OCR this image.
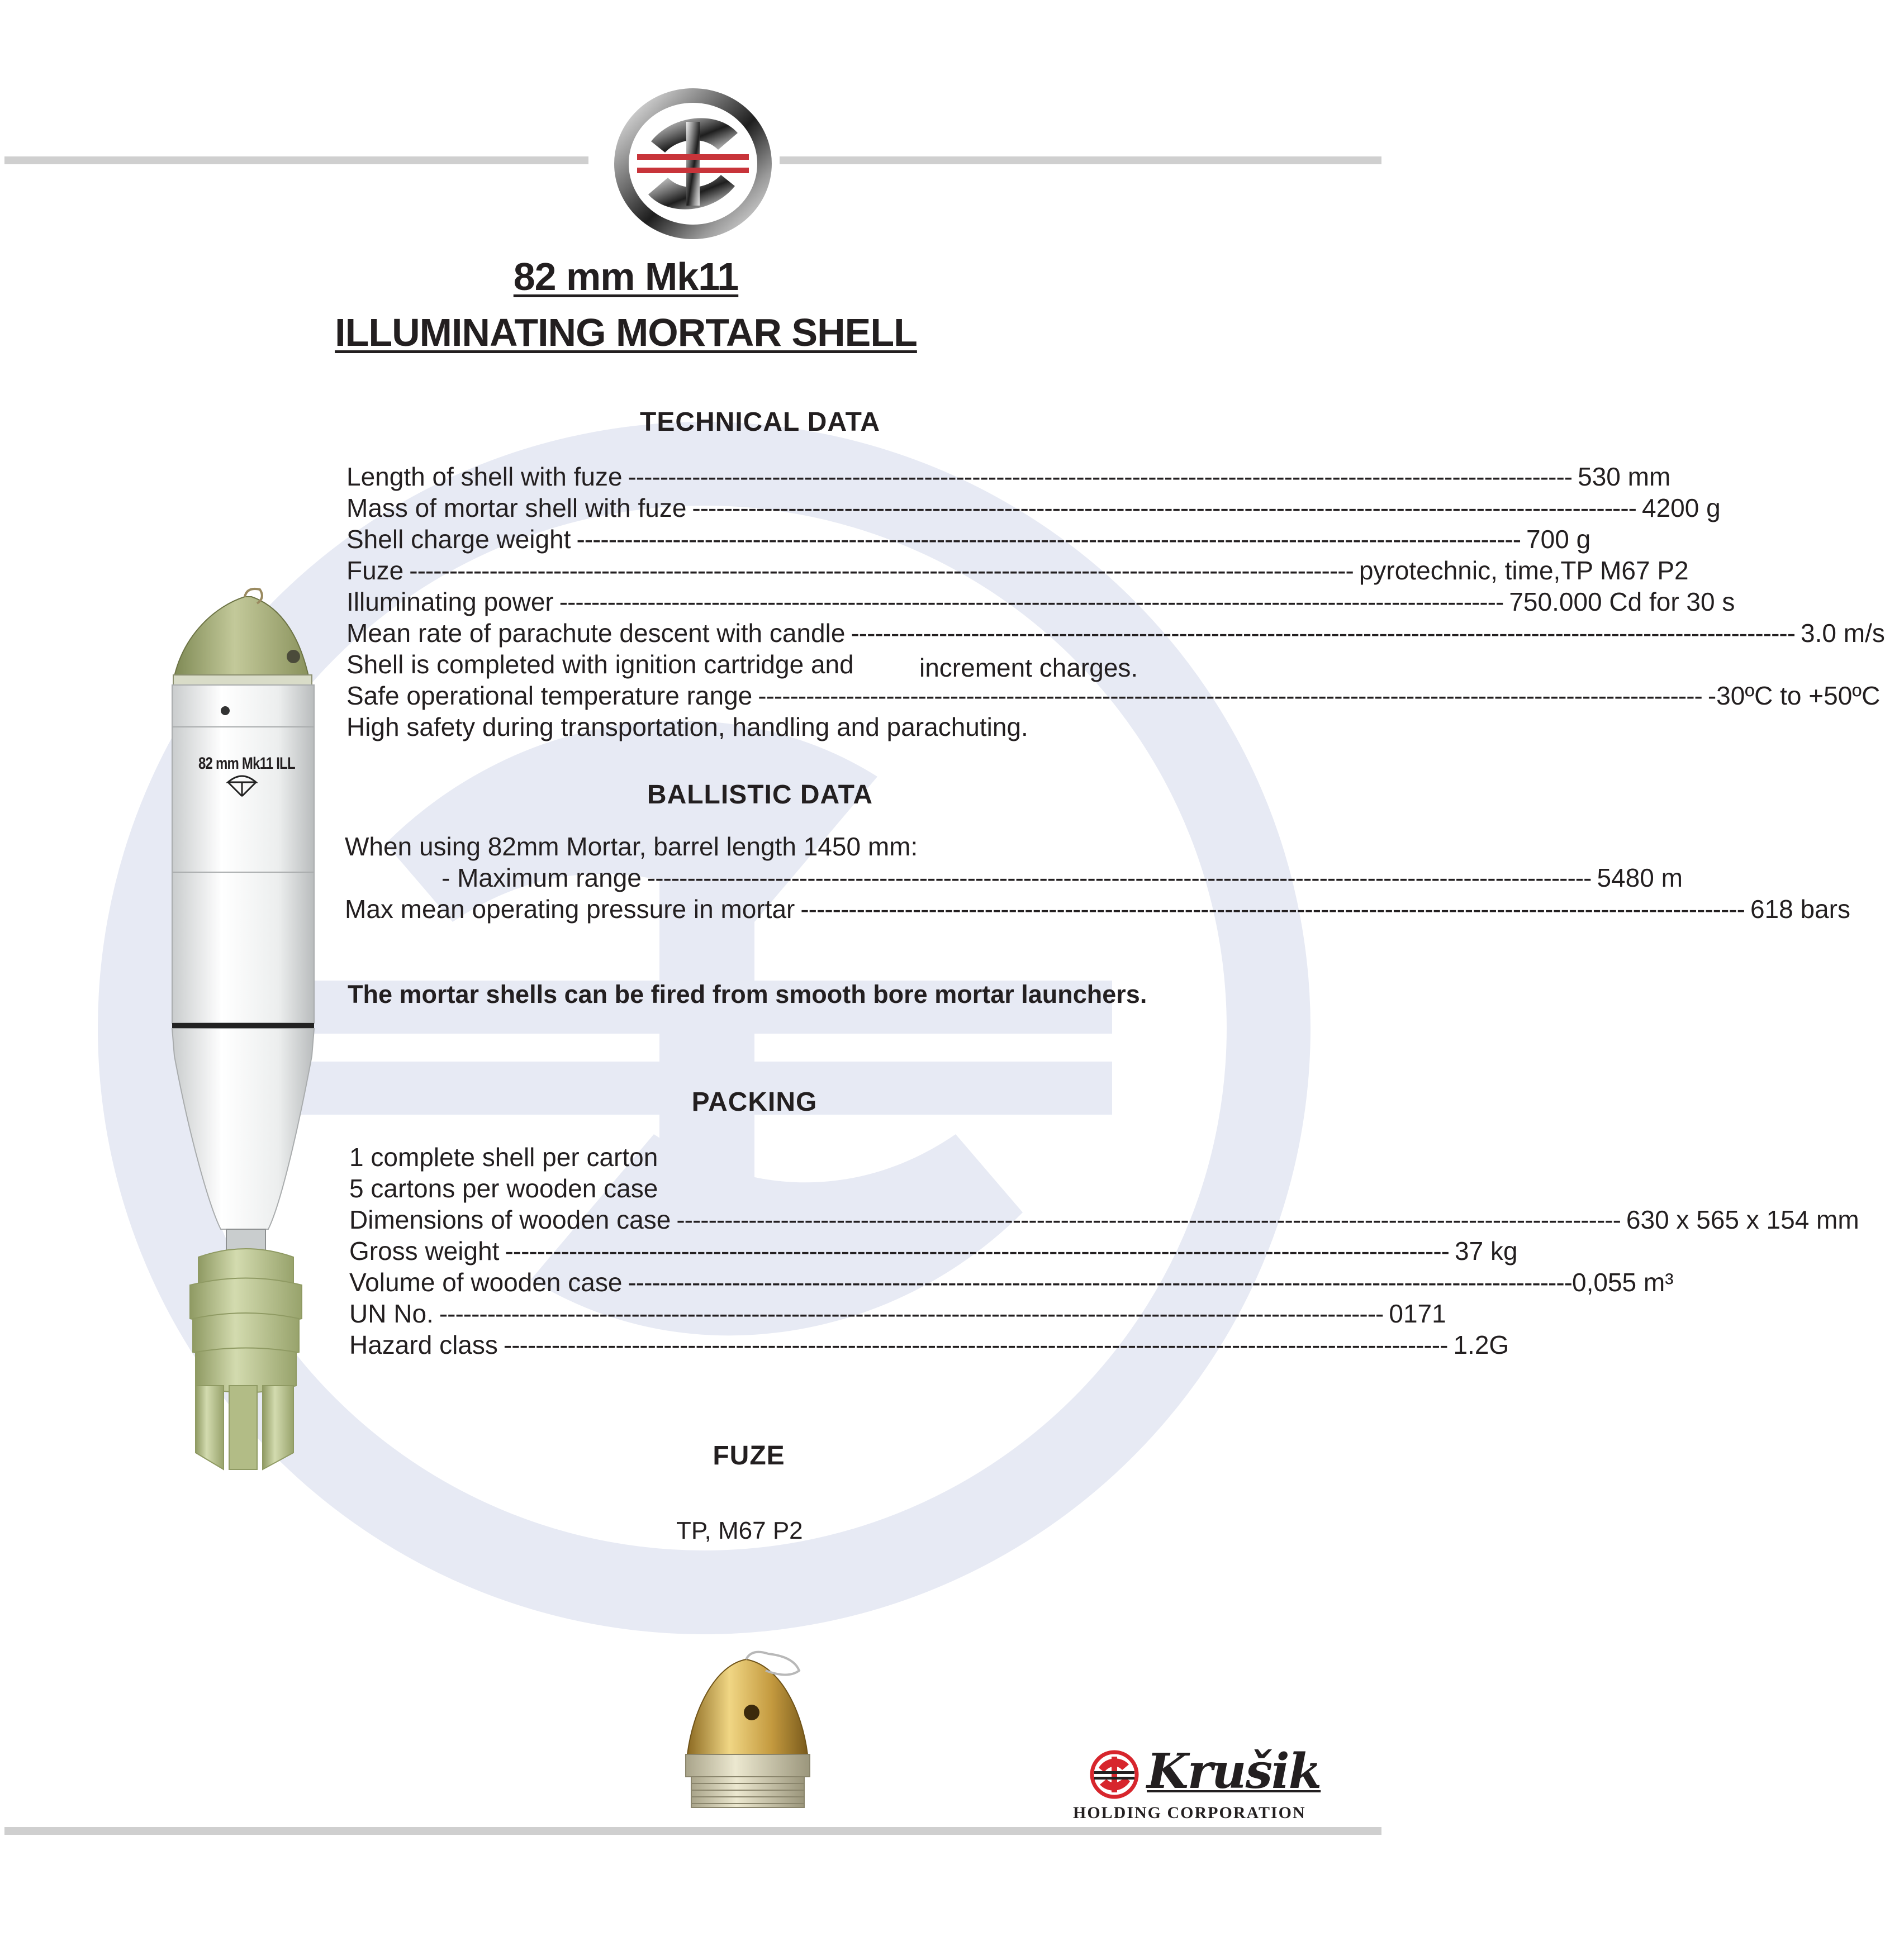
82 mm Mk11
ILLUMINATING MORTAR SHELL
82 mm Mk11 ILL
TECHNICAL DATA
Length of shell with fuze ---------------------------------------------------------------------------------------------------------------------- 530 mm
Mass of mortar shell with fuze ---------------------------------------------------------------------------------------------------------------------- 4200 g
Shell charge weight ---------------------------------------------------------------------------------------------------------------------- 700 g
Fuze ---------------------------------------------------------------------------------------------------------------------- pyrotechnic, time,TP M67 P2
Illuminating power ---------------------------------------------------------------------------------------------------------------------- 750.000 Cd for 30 s
Mean rate of parachute descent with candle ---------------------------------------------------------------------------------------------------------------------- 3.0 m/s
Shell is completed with ignition cartridge and	increment charges.
Safe operational temperature range ---------------------------------------------------------------------------------------------------------------------- -30ºC to +50ºC
High safety during transportation, handling and parachuting.
BALLISTIC DATA
When using 82mm Mortar, barrel length 1450 mm:
- Maximum range ---------------------------------------------------------------------------------------------------------------------- 5480 m
Max mean operating pressure in mortar ---------------------------------------------------------------------------------------------------------------------- 618 bars
The mortar shells can be fired from smooth bore mortar launchers.
PACKING
1 complete shell per carton
5 cartons per wooden case
Dimensions of wooden case ---------------------------------------------------------------------------------------------------------------------- 630 x 565 x 154 mm
Gross weight ---------------------------------------------------------------------------------------------------------------------- 37 kg
Volume of wooden case ---------------------------------------------------------------------------------------------------------------------- 0,055 m³
UN No. ---------------------------------------------------------------------------------------------------------------------- 0171
Hazard class ---------------------------------------------------------------------------------------------------------------------- 1.2G
FUZE
TP, M67 P2
Krušik
HOLDING CORPORATION
